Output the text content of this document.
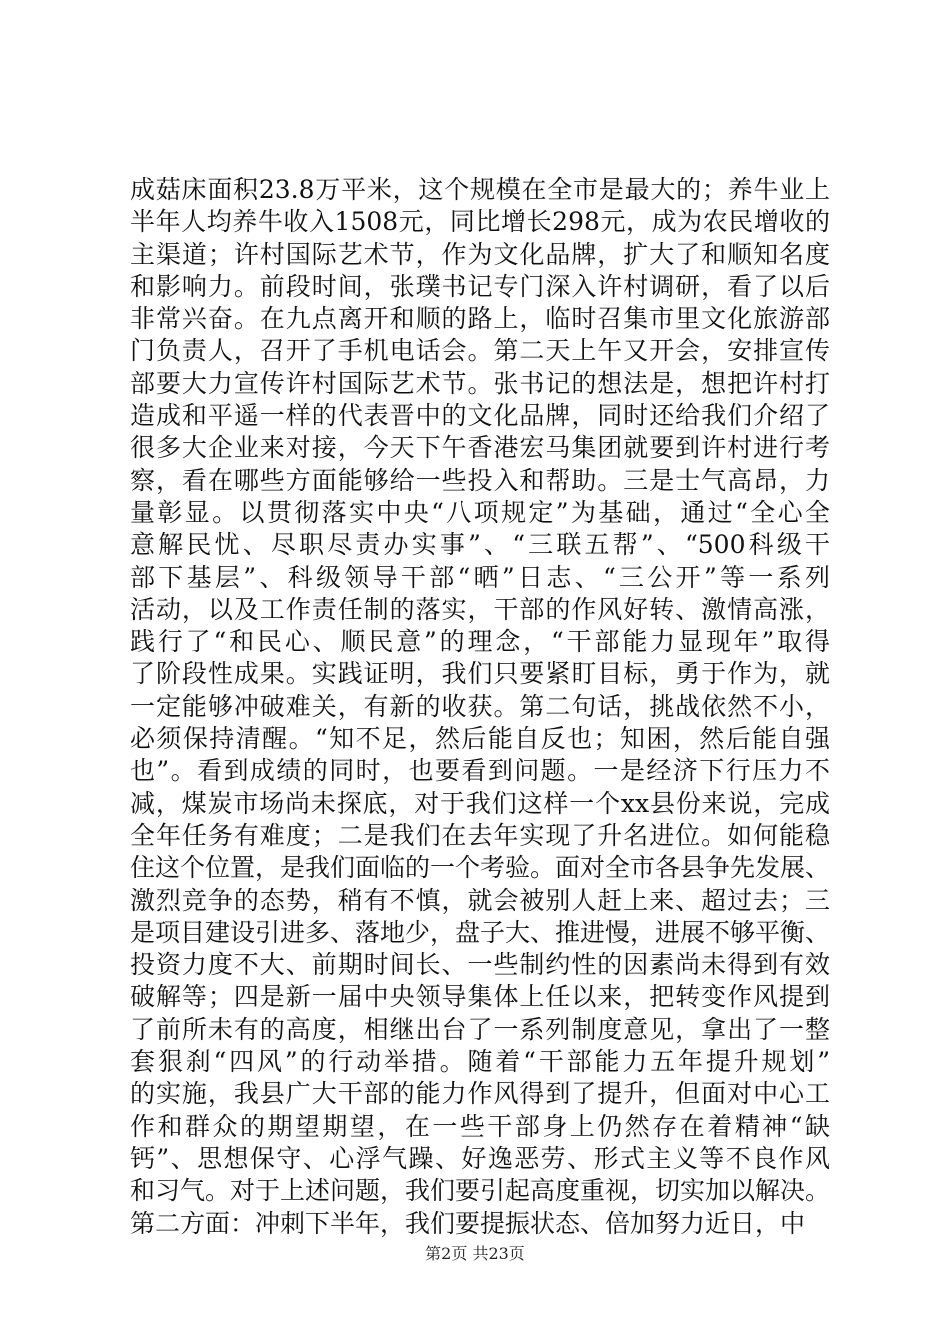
成菇床面积23.8万平米，这个规模在全市是最大的；养牛业上
半年人均养牛收入1508元，同比增长298元，成为农民增收的
主渠道；许村国际艺术节，作为文化品牌，扩大了和顺知名度
和影响力。前段时间，张璞书记专门深入许村调研，看了以后
非常兴奋。在九点离开和顺的路上，临时召集市里文化旅游部
门负责人，召开了手机电话会。第二天上午又开会，安排宣传
部要大力宣传许村国际艺术节。张书记的想法是，想把许村打
造成和平遥一样的代表晋中的文化品牌，同时还给我们介绍了
很多大企业来对接，今天下午香港宏马集团就要到许村进行考
察，看在哪些方面能够给一些投入和帮助。三是士气高昂，力
量彰显。以贯彻落实中央“八项规定”为基础，通过“全心全
意解民忧、尽职尽责办实事”、“三联五帮”、“500科级干
部下基层”、科级领导干部“晒”日志、“三公开”等一系列
活动，以及工作责任制的落实，干部的作风好转、激情高涨，
践行了“和民心、顺民意”的理念，“干部能力显现年”取得
了阶段性成果。实践证明，我们只要紧盯目标，勇于作为，就
一定能够冲破难关，有新的收获。第二句话，挑战依然不小，
必须保持清醒。“知不足，然后能自反也；知困，然后能自强
也”。看到成绩的同时，也要看到问题。一是经济下行压力不
减，煤炭市场尚未探底，对于我们这样一个xx县份来说，完成
全年任务有难度；二是我们在去年实现了升名进位。如何能稳
住这个位置，是我们面临的一个考验。面对全市各县争先发展、
激烈竞争的态势，稍有不慎，就会被别人赶上来、超过去；三
是项目建设引进多、落地少，盘子大、推进慢，进展不够平衡、
投资力度不大、前期时间长、一些制约性的因素尚未得到有效
破解等；四是新一届中央领导集体上任以来，把转变作风提到
了前所未有的高度，相继出台了一系列制度意见，拿出了一整
套狠刹“四风”的行动举措。随着“干部能力五年提升规划”
的实施，我县广大干部的能力作风得到了提升，但面对中心工
作和群众的期望期望，在一些干部身上仍然存在着精神“缺
钙”、思想保守、心浮气躁、好逸恶劳、形式主义等不良作风
和习气。对于上述问题，我们要引起高度重视，切实加以解决。
第二方面：冲刺下半年，我们要提振状态、倍加努力近日，中
第2页 共23页
